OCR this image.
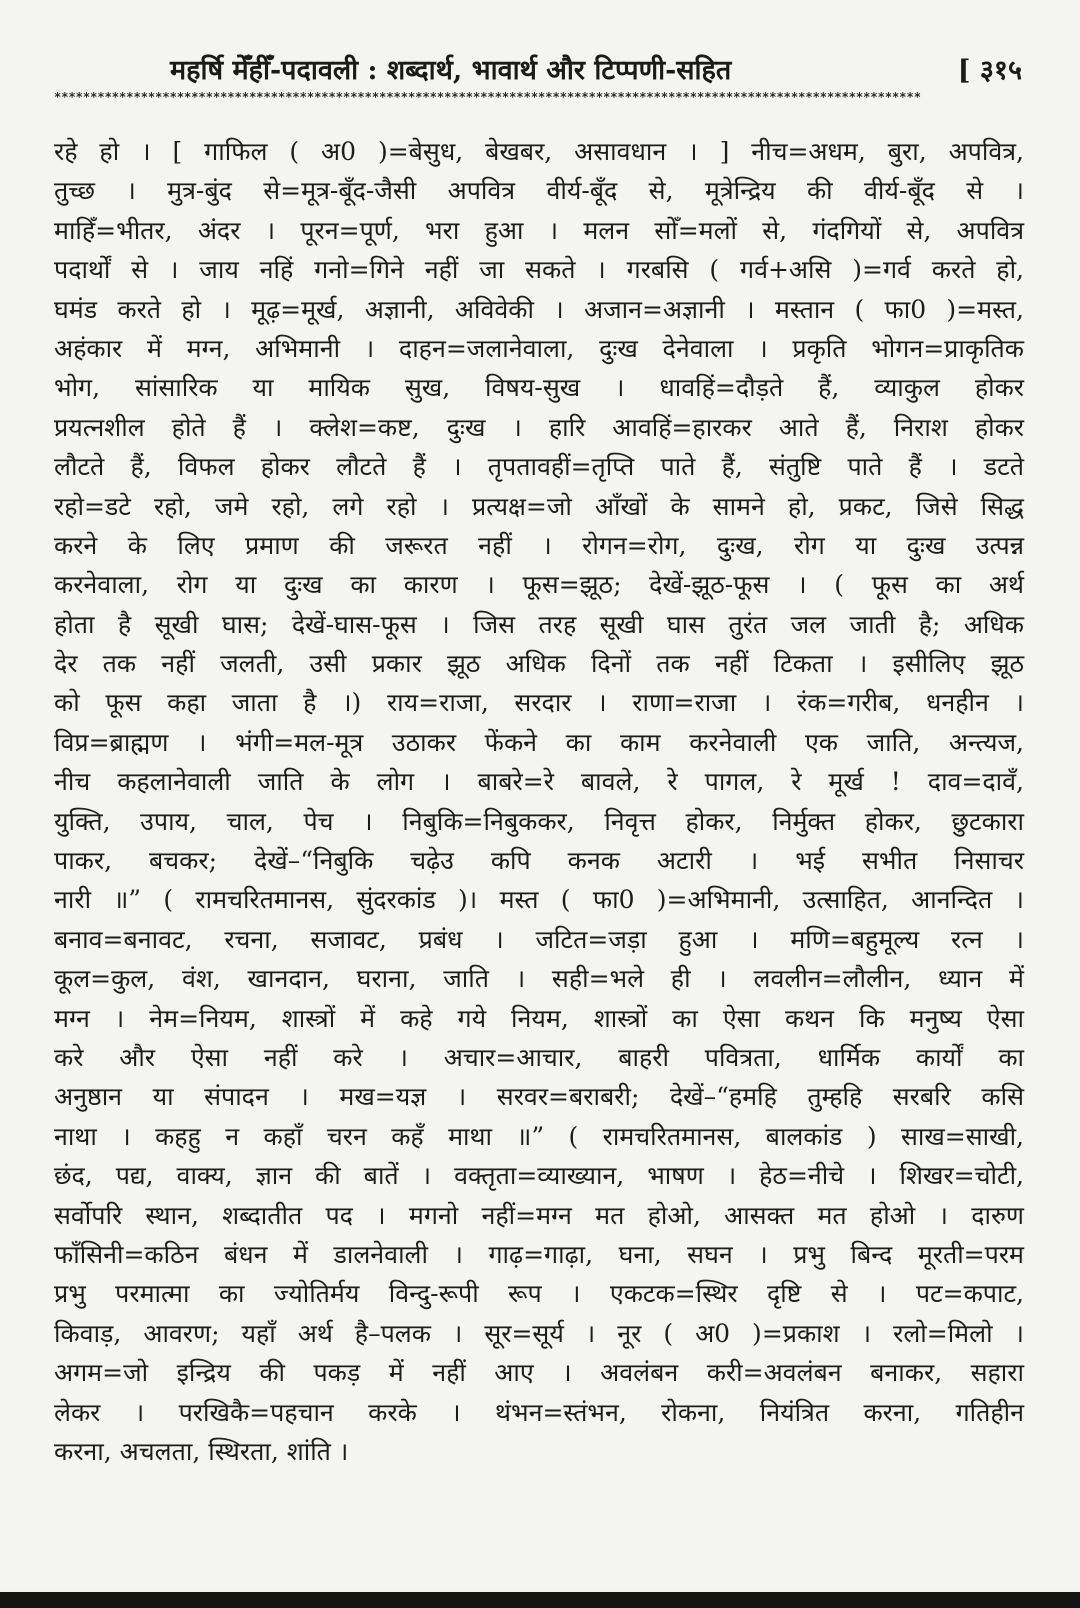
महर्षि मेँहीँ-पदावली : शब्दार्थ, भावार्थ और टिप्पणी-सहित	[ ३१५
************************************************************************************************************************
रहे हो । [ गाफिल ( अ0 )=बेसुध, बेखबर, असावधान । ] नीच=अधम, बुरा, अपवित्र,
तुच्छ । मुत्र-बुंद से=मूत्र-बूँद-जैसी अपवित्र वीर्य-बूँद से, मूत्रेन्द्रिय की वीर्य-बूँद से ।
माहिँ=भीतर, अंदर । पूरन=पूर्ण, भरा हुआ । मलन सोँ=मलों से, गंदगियों से, अपवित्र
पदार्थों से । जाय नहिं गनो=गिने नहीं जा सकते । गरबसि ( गर्व+असि )=गर्व करते हो,
घमंड करते हो । मूढ़=मूर्ख, अज्ञानी, अविवेकी । अजान=अज्ञानी । मस्तान ( फा0 )=मस्त,
अहंकार में मग्न, अभिमानी । दाहन=जलानेवाला, दुःख देनेवाला । प्रकृति भोगन=प्राकृतिक
भोग, सांसारिक या मायिक सुख, विषय-सुख । धावहिं=दौड़ते हैं, व्याकुल होकर
प्रयत्नशील होते हैं । क्लेश=कष्ट, दुःख । हारि आवहिं=हारकर आते हैं, निराश होकर
लौटते हैं, विफल होकर लौटते हैं । तृपतावहीं=तृप्ति पाते हैं, संतुष्टि पाते हैं । डटते
रहो=डटे रहो, जमे रहो, लगे रहो । प्रत्यक्ष=जो आँखों के सामने हो, प्रकट, जिसे सिद्ध
करने के लिए प्रमाण की जरूरत नहीं । रोगन=रोग, दुःख, रोग या दुःख उत्पन्न
करनेवाला, रोग या दुःख का कारण । फूस=झूठ; देखें-झूठ-फूस । ( फूस का अर्थ
होता है सूखी घास; देखें-घास-फूस । जिस तरह सूखी घास तुरंत जल जाती है; अधिक
देर तक नहीं जलती, उसी प्रकार झूठ अधिक दिनों तक नहीं टिकता । इसीलिए झूठ
को फूस कहा जाता है ।) राय=राजा, सरदार । राणा=राजा । रंक=गरीब, धनहीन ।
विप्र=ब्राह्मण । भंगी=मल-मूत्र उठाकर फेंकने का काम करनेवाली एक जाति, अन्त्यज,
नीच कहलानेवाली जाति के लोग । बाबरे=रे बावले, रे पागल, रे मूर्ख ! दाव=दावँ,
युक्ति, उपाय, चाल, पेच । निबुकि=निबुककर, निवृत्त होकर, निर्मुक्त होकर, छुटकारा
पाकर, बचकर; देखें–“निबुकि चढ़ेउ कपि कनक अटारी । भई सभीत निसाचर
नारी ॥” ( रामचरितमानस, सुंदरकांड )। मस्त ( फा0 )=अभिमानी, उत्साहित, आनन्दित ।
बनाव=बनावट, रचना, सजावट, प्रबंध । जटित=जड़ा हुआ । मणि=बहुमूल्य रत्न ।
कूल=कुल, वंश, खानदान, घराना, जाति । सही=भले ही । लवलीन=लौलीन, ध्यान में
मग्न । नेम=नियम, शास्त्रों में कहे गये नियम, शास्त्रों का ऐसा कथन कि मनुष्य ऐसा
करे और ऐसा नहीं करे । अचार=आचार, बाहरी पवित्रता, धार्मिक कार्यों का
अनुष्ठान या संपादन । मख=यज्ञ । सरवर=बराबरी; देखें–“हमहि तुम्हहि सरबरि कसि
नाथा । कहहु न कहाँ चरन कहँ माथा ॥” ( रामचरितमानस, बालकांड ) साख=साखी,
छंद, पद्य, वाक्य, ज्ञान की बातें । वक्तृता=व्याख्यान, भाषण । हेठ=नीचे । शिखर=चोटी,
सर्वोपरि स्थान, शब्दातीत पद । मगनो नहीं=मग्न मत होओ, आसक्त मत होओ । दारुण
फाँसिनी=कठिन बंधन में डालनेवाली । गाढ़=गाढ़ा, घना, सघन । प्रभु बिन्द मूरती=परम
प्रभु परमात्मा का ज्योतिर्मय विन्दु-रूपी रूप । एकटक=स्थिर दृष्टि से । पट=कपाट,
किवाड़, आवरण; यहाँ अर्थ है–पलक । सूर=सूर्य । नूर ( अ0 )=प्रकाश । रलो=मिलो ।
अगम=जो इन्द्रिय की पकड़ में नहीं आए । अवलंबन करी=अवलंबन बनाकर, सहारा
लेकर । परखिकै=पहचान करके । थंभन=स्तंभन, रोकना, नियंत्रित करना, गतिहीन
करना, अचलता, स्थिरता, शांति ।
